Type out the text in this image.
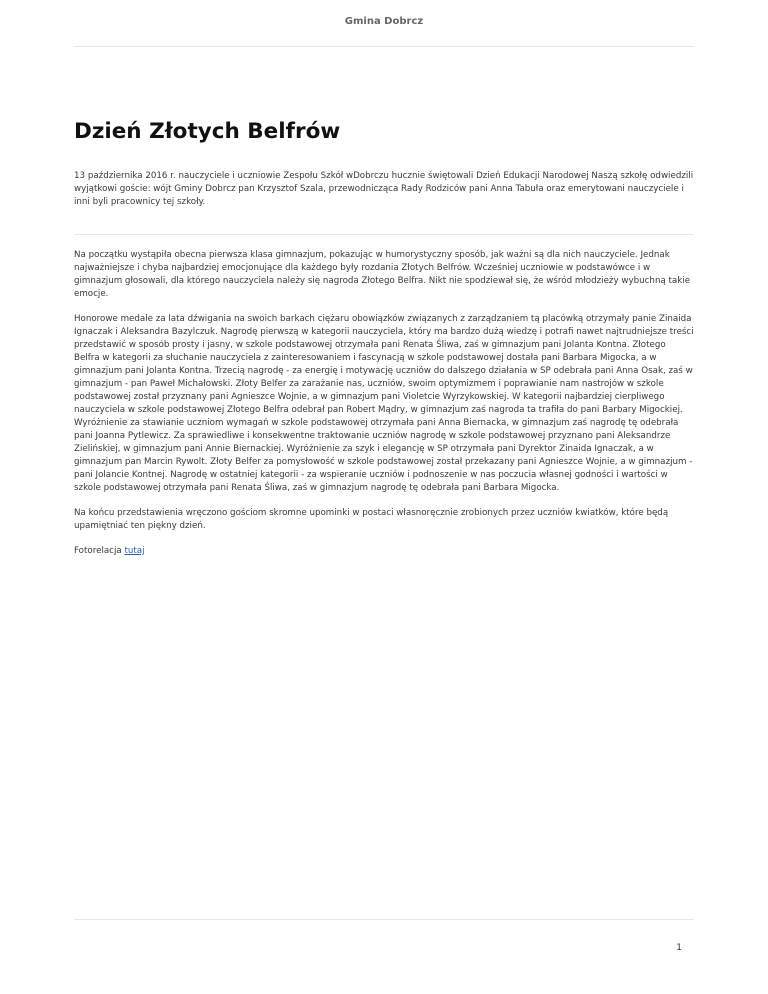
Gmina Dobrcz
Dzień Złotych Belfrów

13 października 2016 r. nauczyciele i uczniowie Zespołu Szkół wDobrczu hucznie świętowali Dzień Edukacji Narodowej Naszą szkołę odwiedzili wyjątkowi goście: wójt Gminy Dobrcz pan Krzysztof Szala, przewodnicząca Rady Rodziców pani Anna Tabuła oraz emerytowani nauczyciele i inni byli pracownicy tej szkoły.

Na początku wystąpiła obecna pierwsza klasa gimnazjum, pokazując w humorystyczny sposób, jak ważni są dla nich nauczyciele. Jednak najważniejsze i chyba najbardziej emocjonujące dla każdego były rozdania Złotych Belfrów. Wcześniej uczniowie w podstawówce i w gimnazjum głosowali, dla którego nauczyciela należy się nagroda Złotego Belfra. Nikt nie spodziewał się, że wśród młodzieży wybuchną takie emocje.

Honorowe medale za lata dźwigania na swoich barkach ciężaru obowiązków związanych z zarządzaniem tą placówką otrzymały panie Zinaida Ignaczak i Aleksandra Bazylczuk. Nagrodę pierwszą w kategorii nauczyciela, który ma bardzo dużą wiedzę i potrafi nawet najtrudniejsze treści przedstawić w sposób prosty i jasny, w szkole podstawowej otrzymała pani Renata Śliwa, zaś w gimnazjum pani Jolanta Kontna. Złotego Belfra w kategorii za słuchanie nauczyciela z zainteresowaniem i fascynacją w szkole podstawowej dostała pani Barbara Migocka, a w gimnazjum pani Jolanta Kontna. Trzecią nagrodę - za energię i motywację uczniów do dalszego działania w SP odebrała pani Anna Osak, zaś w gimnazjum - pan Paweł Michałowski. Złoty Belfer za zarażanie nas, uczniów, swoim optymizmem i poprawianie nam nastrojów w szkole podstawowej został przyznany pani Agnieszce Wojnie, a w gimnazjum pani Violetcie Wyrzykowskiej. W kategorii najbardziej cierpliwego nauczyciela w szkole podstawowej Złotego Belfra odebrał pan Robert Mądry, w gimnazjum zaś nagroda ta trafiła do pani Barbary Migockiej. Wyróżnienie za stawianie uczniom wymagań w szkole podstawowej otrzymała pani Anna Biernacka, w gimnazjum zaś nagrodę tę odebrała pani Joanna Pytlewicz. Za sprawiedliwe i konsekwentne traktowanie uczniów nagrodę w szkole podstawowej przyznano pani Aleksandrze Zielińskiej, w gimnazjum pani Annie Biernackiej. Wyróżnienie za szyk i elegancję w SP otrzymała pani Dyrektor Zinaida Ignaczak, a w gimnazjum pan Marcin Rywolt. Złoty Belfer za pomysłowość w szkole podstawowej został przekazany pani Agnieszce Wojnie, a w gimnazjum - pani Jolancie Kontnej. Nagrodę w ostatniej kategorii - za wspieranie uczniów i podnoszenie w nas poczucia własnej godności i wartości w szkole podstawowej otrzymała pani Renata Śliwa, zaś w gimnazjum nagrodę tę odebrała pani Barbara Migocka.

Na końcu przedstawienia wręczono gościom skromne upominki w postaci własnoręcznie zrobionych przez uczniów kwiatków, które będą upamiętniać ten piękny dzień.

Fotorelacja tutaj

1
